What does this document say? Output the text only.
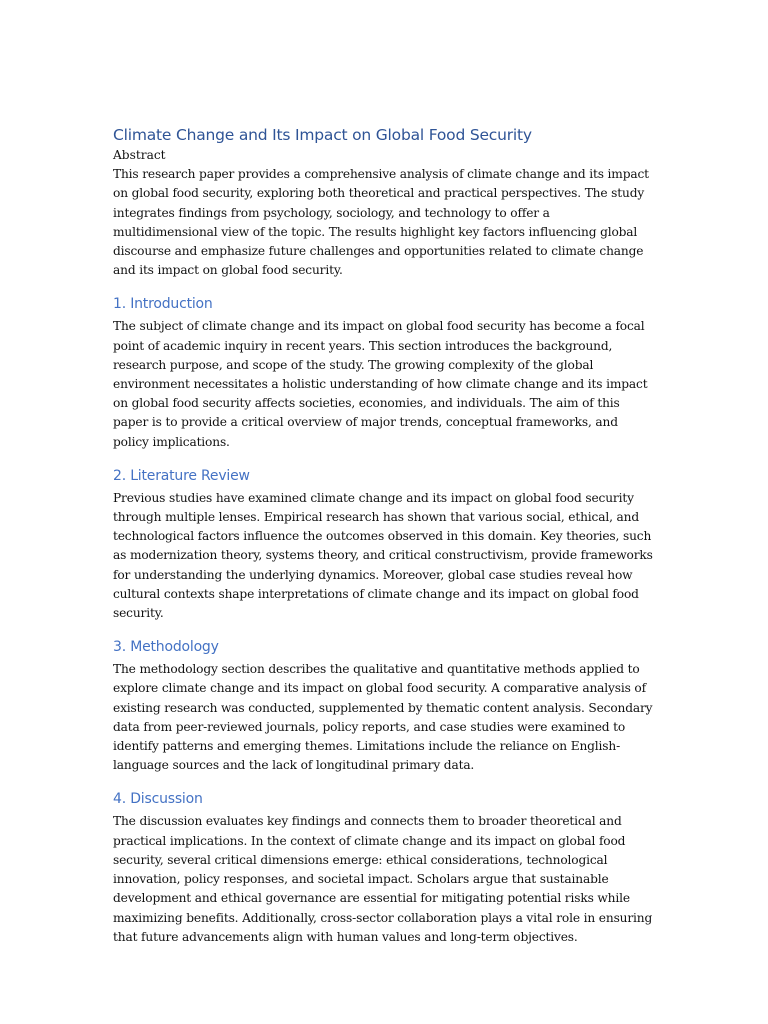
Climate Change and Its Impact on Global Food Security

Abstract

This research paper provides a comprehensive analysis of climate change and its impact on global food security, exploring both theoretical and practical perspectives. The study integrates findings from psychology, sociology, and technology to offer a multidimensional view of the topic. The results highlight key factors influencing global discourse and emphasize future challenges and opportunities related to climate change and its impact on global food security.

1. Introduction

The subject of climate change and its impact on global food security has become a focal point of academic inquiry in recent years. This section introduces the background, research purpose, and scope of the study. The growing complexity of the global environment necessitates a holistic understanding of how climate change and its impact on global food security affects societies, economies, and individuals. The aim of this paper is to provide a critical overview of major trends, conceptual frameworks, and policy implications.

2. Literature Review

Previous studies have examined climate change and its impact on global food security through multiple lenses. Empirical research has shown that various social, ethical, and technological factors influence the outcomes observed in this domain. Key theories, such as modernization theory, systems theory, and critical constructivism, provide frameworks for understanding the underlying dynamics. Moreover, global case studies reveal how cultural contexts shape interpretations of climate change and its impact on global food security.

3. Methodology

The methodology section describes the qualitative and quantitative methods applied to explore climate change and its impact on global food security. A comparative analysis of existing research was conducted, supplemented by thematic content analysis. Secondary data from peer-reviewed journals, policy reports, and case studies were examined to identify patterns and emerging themes. Limitations include the reliance on English-language sources and the lack of longitudinal primary data.

4. Discussion

The discussion evaluates key findings and connects them to broader theoretical and practical implications. In the context of climate change and its impact on global food security, several critical dimensions emerge: ethical considerations, technological innovation, policy responses, and societal impact. Scholars argue that sustainable development and ethical governance are essential for mitigating potential risks while maximizing benefits. Additionally, cross-sector collaboration plays a vital role in ensuring that future advancements align with human values and long-term objectives.
